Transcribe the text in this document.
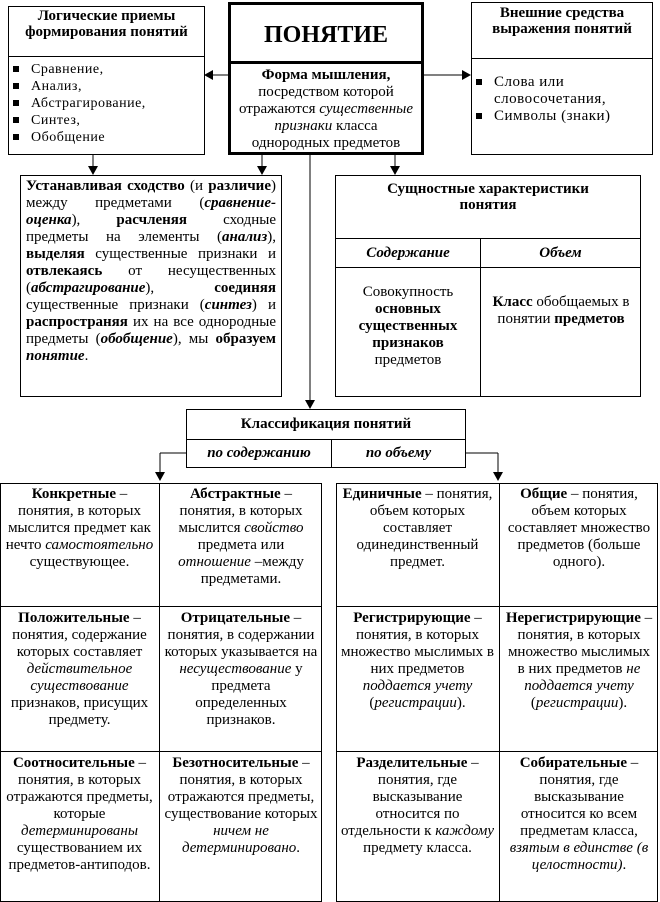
Логические приемы формирования понятий
Сравнение,
Анализ,
Абстрагирование,
Синтез,
Обобщение
ПОНЯТИЕ
Форма мышления, посредством которой отражаются существенные признаки класса однородных предметов
Внешние средства выражения понятий
Слова или словосочетания,
Символы (знаки)
Устанавливая сходство (и различие) между предметами (сравнение-оценка), расчленяя сходные предметы на элементы (анализ), выделяя существенные признаки и отвлекаясь от несущественных (абстрагирование), соединяя существенные признаки (синтез) и распространяя их на все однородные предметы (обобщение), мы образуем понятие.
Сущностные характеристики понятия
Содержание	Объем
Совокупность основных существенных признаков предметов
Класс обобщаемых в понятии предметов
Классификация понятий
по содержанию	по объему
Конкретные – понятия, в которых мыслится предмет как нечто самостоятельно существующее.
Абстрактные – понятия, в которых мыслится свойство предмета или отношение –между предметами.
Единичные – понятия, объем которых составляет одинединственный предмет.
Общие – понятия, объем которых составляет множество предметов (больше одного).
Положительные – понятия, содержание которых составляет действительное существование признаков, присущих предмету.
Отрицательные – понятия, в содержании которых указывается на несуществование у предмета определенных признаков.
Регистрирующие – понятия, в которых множество мыслимых в них предметов поддается учету (регистрации).
Нерегистрирующие – понятия, в которых множество мыслимых в них предметов не поддается учету (регистрации).
Соотносительные – понятия, в которых отражаются предметы, которые детерминированы существованием их предметов-антиподов.
Безотносительные – понятия, в которых отражаются предметы, существование которых ничем не детерминировано.
Разделительные – понятия, где высказывание относится по отдельности к каждому предмету класса.
Собирательные – понятия, где высказывание относится ко всем предметам класса, взятым в единстве (в целостности).
